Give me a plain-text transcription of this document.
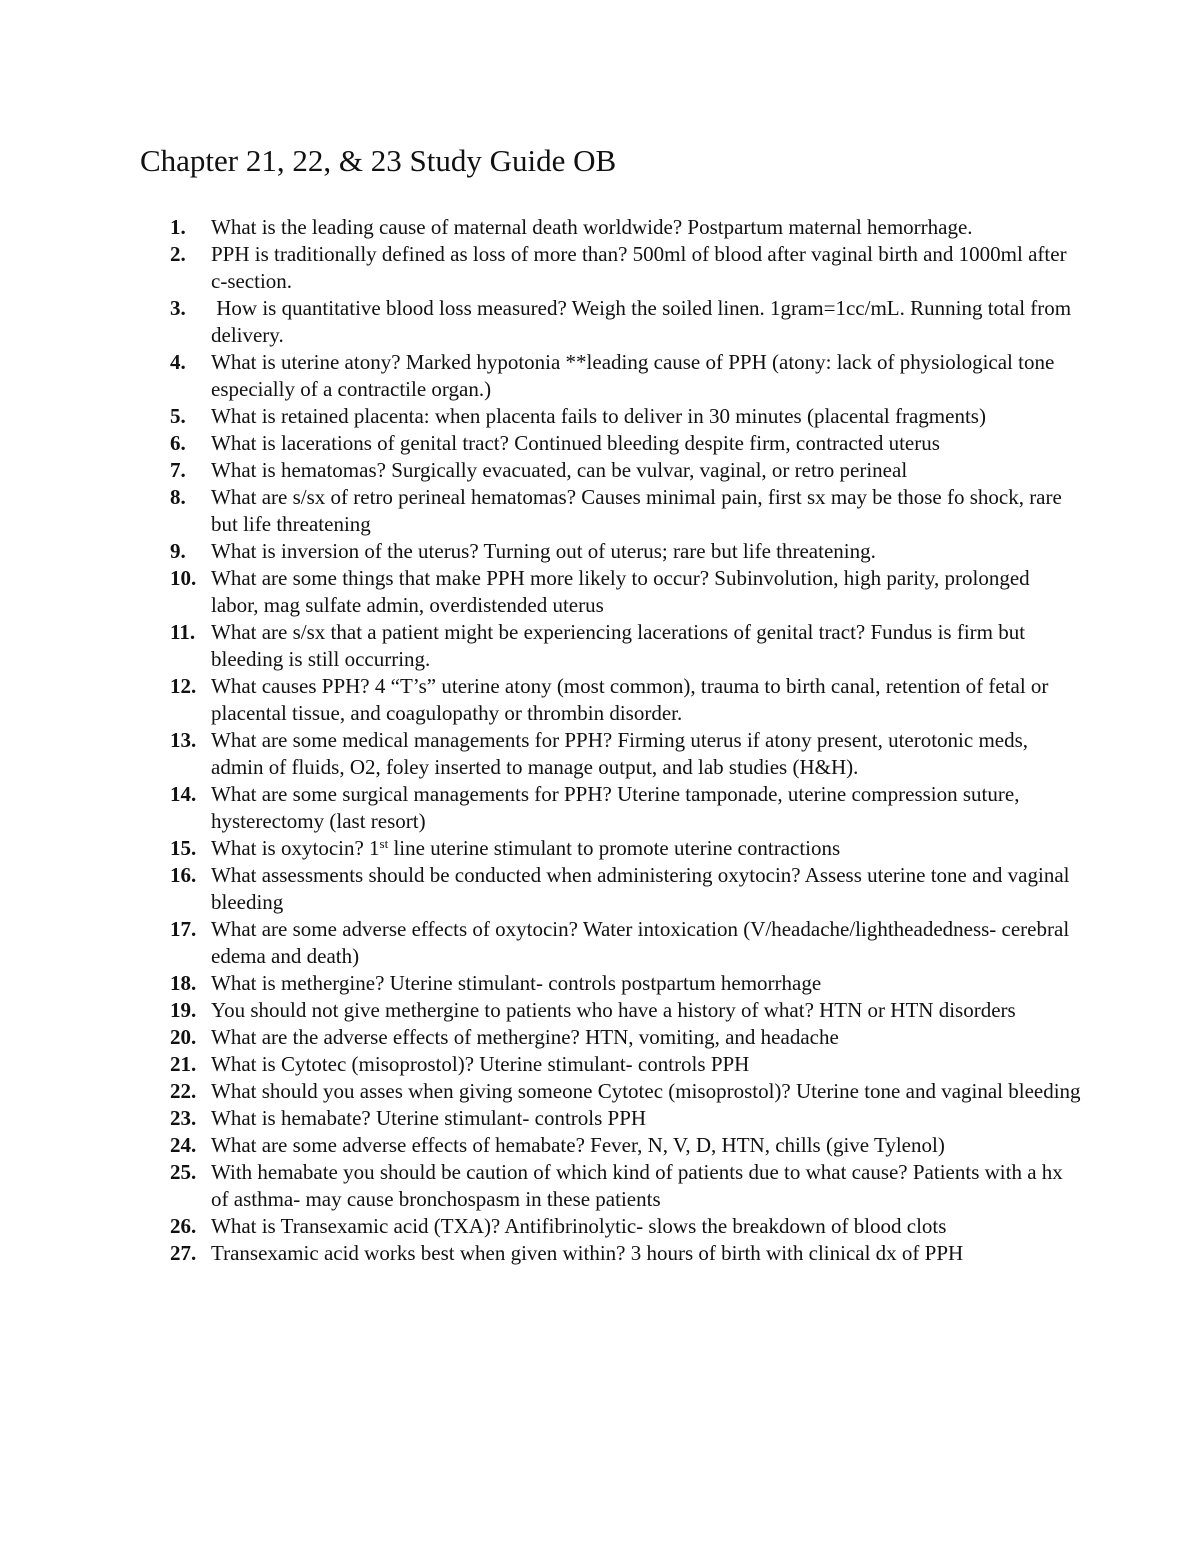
Chapter 21, 22, & 23 Study Guide OB
1.	What is the leading cause of maternal death worldwide? Postpartum maternal hemorrhage.
2.	PPH is traditionally defined as loss of more than? 500ml of blood after vaginal birth and 1000ml after c-section.
3.	How is quantitative blood loss measured? Weigh the soiled linen. 1gram=1cc/mL. Running total from delivery.
4.	What is uterine atony? Marked hypotonia **leading cause of PPH (atony: lack of physiological tone especially of a contractile organ.)
5.	What is retained placenta: when placenta fails to deliver in 30 minutes (placental fragments)
6.	What is lacerations of genital tract? Continued bleeding despite firm, contracted uterus
7.	What is hematomas? Surgically evacuated, can be vulvar, vaginal, or retro perineal
8.	What are s/sx of retro perineal hematomas? Causes minimal pain, first sx may be those fo shock, rare but life threatening
9.	What is inversion of the uterus? Turning out of uterus; rare but life threatening.
10. What are some things that make PPH more likely to occur? Subinvolution, high parity, prolonged labor, mag sulfate admin, overdistended uterus
11. What are s/sx that a patient might be experiencing lacerations of genital tract? Fundus is firm but bleeding is still occurring.
12. What causes PPH? 4 “T’s” uterine atony (most common), trauma to birth canal, retention of fetal or placental tissue, and coagulopathy or thrombin disorder.
13. What are some medical managements for PPH? Firming uterus if atony present, uterotonic meds, admin of fluids, O2, foley inserted to manage output, and lab studies (H&H).
14. What are some surgical managements for PPH? Uterine tamponade, uterine compression suture, hysterectomy (last resort)
15. What is oxytocin? 1st line uterine stimulant to promote uterine contractions
16. What assessments should be conducted when administering oxytocin? Assess uterine tone and vaginal bleeding
17. What are some adverse effects of oxytocin? Water intoxication (V/headache/lightheadedness- cerebral edema and death)
18. What is methergine? Uterine stimulant- controls postpartum hemorrhage
19. You should not give methergine to patients who have a history of what? HTN or HTN disorders
20. What are the adverse effects of methergine? HTN, vomiting, and headache
21. What is Cytotec (misoprostol)? Uterine stimulant- controls PPH
22. What should you asses when giving someone Cytotec (misoprostol)? Uterine tone and vaginal bleeding
23. What is hemabate? Uterine stimulant- controls PPH
24. What are some adverse effects of hemabate? Fever, N, V, D, HTN, chills (give Tylenol)
25. With hemabate you should be caution of which kind of patients due to what cause? Patients with a hx of asthma- may cause bronchospasm in these patients
26. What is Transexamic acid (TXA)? Antifibrinolytic- slows the breakdown of blood clots
27. Transexamic acid works best when given within? 3 hours of birth with clinical dx of PPH
